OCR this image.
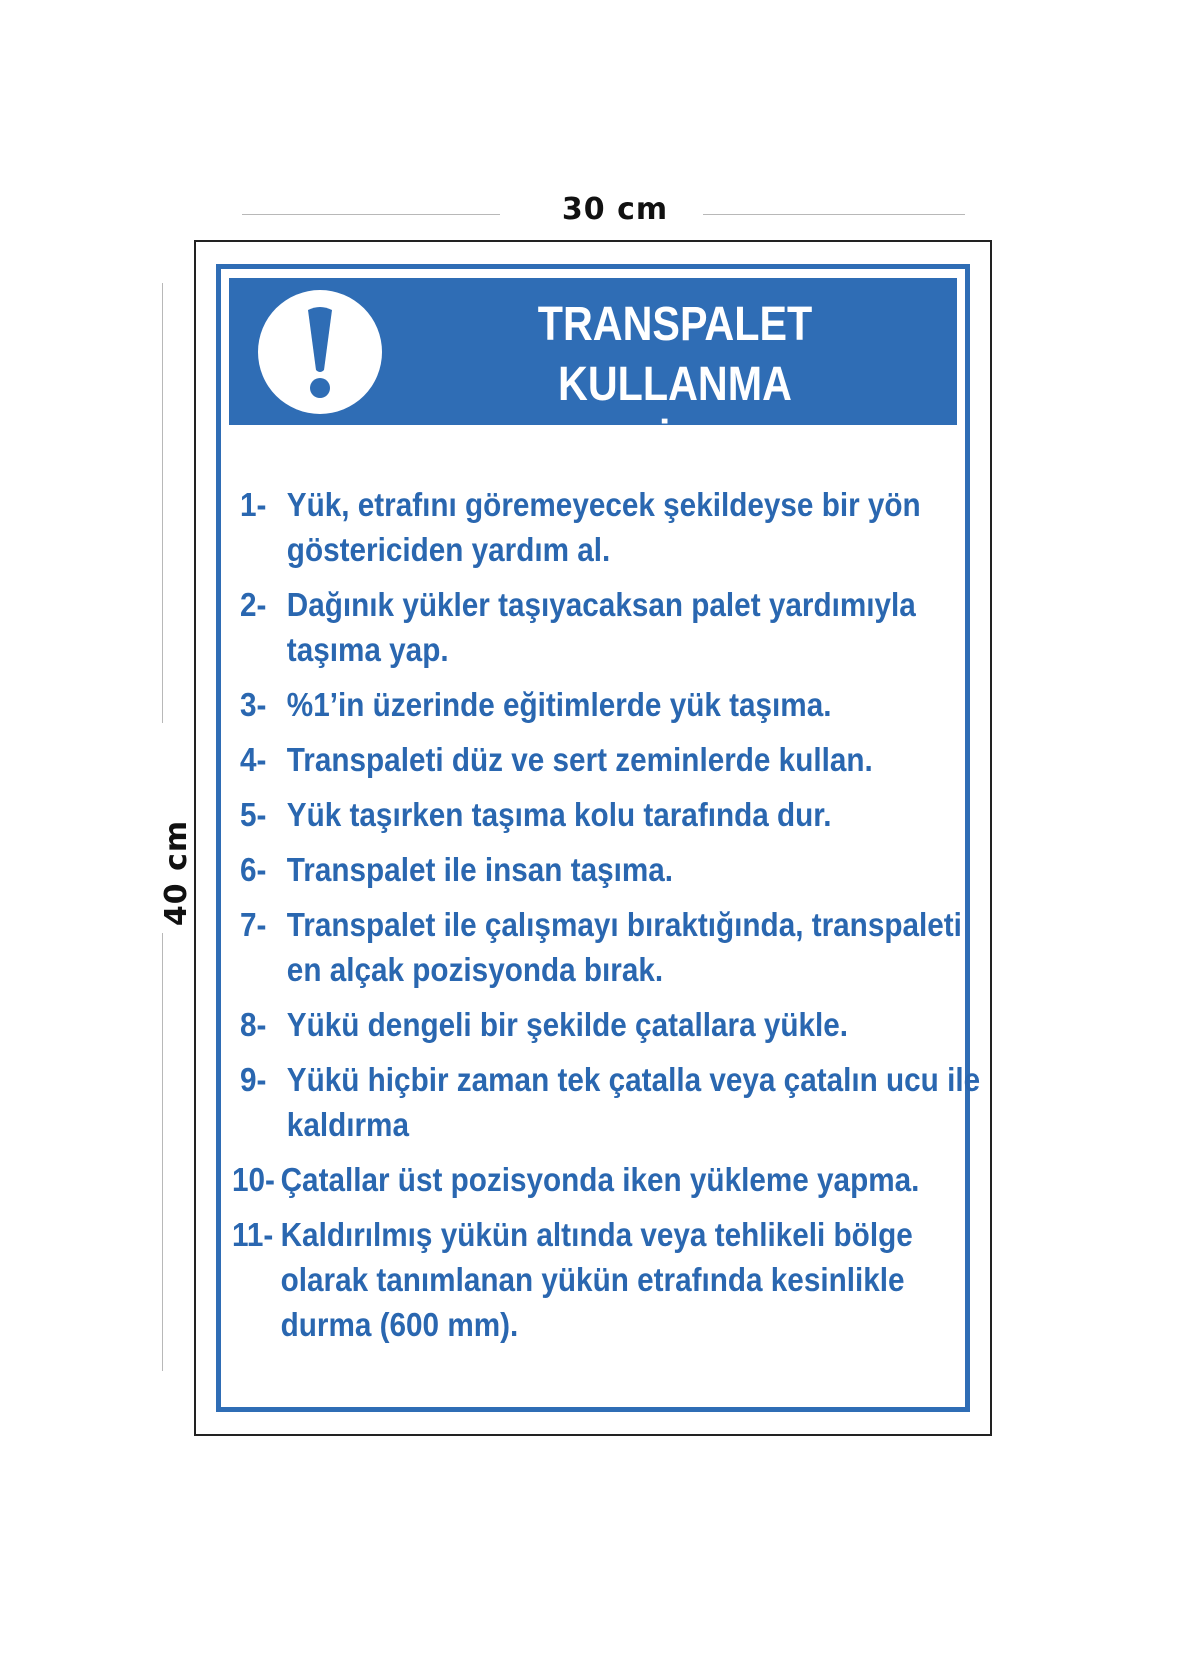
30 cm
40 cm
TRANSPALET KULLANMA
TALİMATI
1- Yük, etrafını göremeyecek şekildeyse bir yön
göstericiden yardım al.
2- Dağınık yükler taşıyacaksan palet yardımıyla
taşıma yap.
3- %1’in üzerinde eğitimlerde yük taşıma.
4- Transpaleti düz ve sert zeminlerde kullan.
5- Yük taşırken taşıma kolu tarafında dur.
6- Transpalet ile insan taşıma.
7- Transpalet ile çalışmayı bıraktığında, transpaleti
en alçak pozisyonda bırak.
8- Yükü dengeli bir şekilde çatallara yükle.
9- Yükü hiçbir zaman tek çatalla veya çatalın ucu ile
kaldırma
10- Çatallar üst pozisyonda iken yükleme yapma.
11- Kaldırılmış yükün altında veya tehlikeli bölge
olarak tanımlanan yükün etrafında kesinlikle
durma (600 mm).
